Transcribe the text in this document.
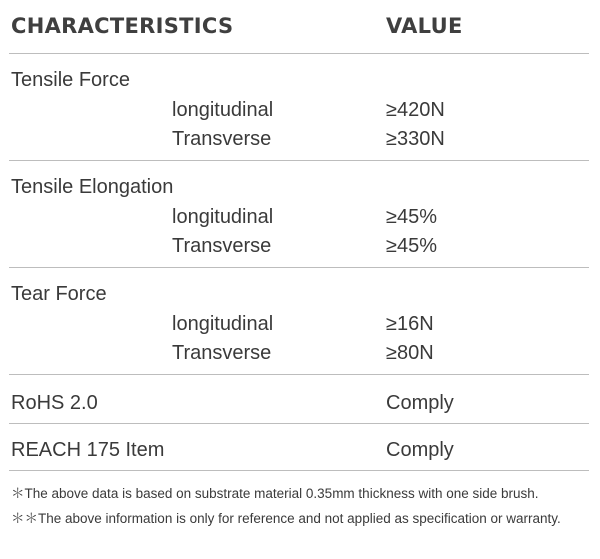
CHARACTERISTICS	VALUE
Tensile Force
longitudinal	≥420N
Transverse	≥330N
Tensile Elongation
longitudinal	≥45%
Transverse	≥45%
Tear Force
longitudinal	≥16N
Transverse	≥80N
RoHS 2.0	Comply
REACH 175 Item	Comply
＊The above data is based on substrate material 0.35mm thickness with one side brush.
＊＊The above information is only for reference and not applied as specification or warranty.
